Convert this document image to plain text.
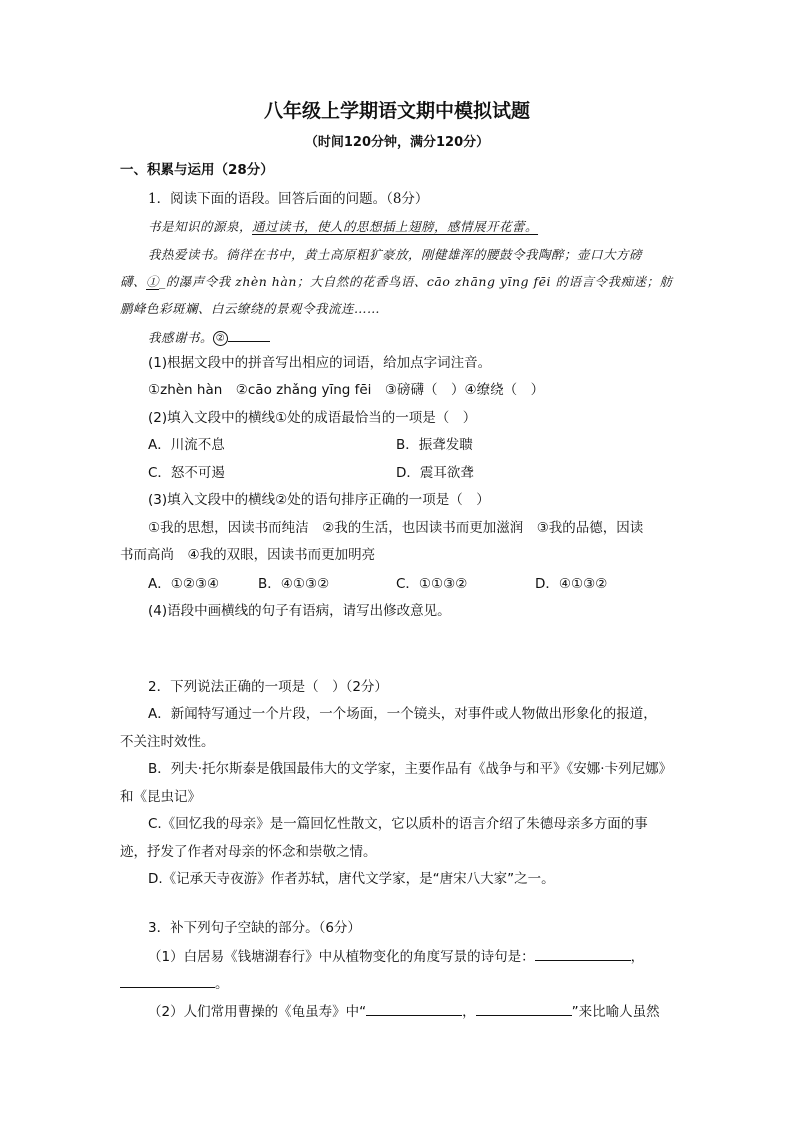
八年级上学期语文期中模拟试题
（时间120分钟，满分120分）
一、积累与运用（28分）
1．阅读下面的语段。回答后面的问题。（8分）
书是知识的源泉，通过读书，使人的思想插上翅膀，感情展开花蕾。
我热爱读书。徜徉在书中，黄土高原粗犷豪放，刚健雄浑的腰鼓令我陶醉；壶口大方磅
礴、①_的瀑声令我 zhèn hàn；大自然的花香鸟语、cāo zhāng yīng fēi 的语言令我痴迷；舫
鹏峰色彩斑斓、白云缭绕的景观令我流连……
我感谢书。 ②
(1)根据文段中的拼音写出相应的词语，给加点字词注音。
①zhèn hàn　②cāo zhǎng yīng fēi　③磅礴（　）④缭绕（　）
(2)填入文段中的横线①处的成语最恰当的一项是（　）
A．川流不息	B．振聋发聩
C．怒不可遏	D．震耳欲聋
(3)填入文段中的横线②处的语句排序正确的一项是（　）
①我的思想，因读书而纯洁　②我的生活，也因读书而更加滋润　③我的品德，因读
书而高尚　④我的双眼，因读书而更加明亮
A．①②③④	B．④①③②	C．①①③②	D．④①③②
(4)语段中画横线的句子有语病，请写出修改意见。
2．下列说法正确的一项是（　）（2分）
A．新闻特写通过一个片段，一个场面，一个镜头，对事件或人物做出形象化的报道，
不关注时效性。
B．列夫·托尔斯泰是俄国最伟大的文学家，主要作品有《战争与和平》《安娜·卡列尼娜》
和《昆虫记》
C.《回忆我的母亲》是一篇回忆性散文，它以质朴的语言介绍了朱德母亲多方面的事
迹，抒发了作者对母亲的怀念和崇敬之情。
D.《记承天寺夜游》作者苏轼，唐代文学家，是“唐宋八大家”之一。
3．补下列句子空缺的部分。（6分）
（1）白居易《钱塘湖春行》中从植物变化的角度写景的诗句是：	，
。
（2）人们常用曹操的《龟虽寿》中“	，	”来比喻人虽然
